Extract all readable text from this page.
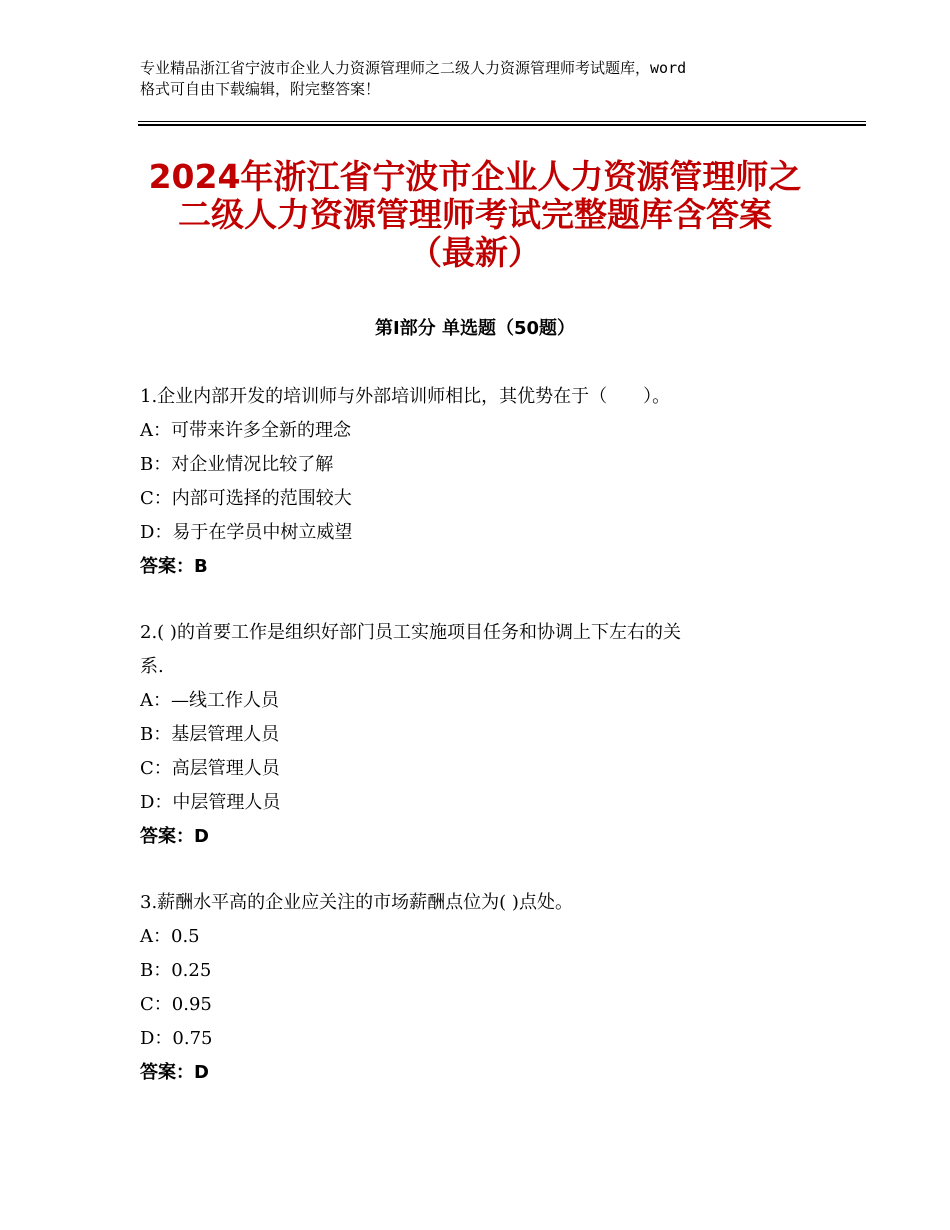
专业精品浙江省宁波市企业人力资源管理师之二级人力资源管理师考试题库，word
格式可自由下载编辑，附完整答案！
2024年浙江省宁波市企业人力资源管理师之
二级人力资源管理师考试完整题库含答案
（最新）
第Ⅰ部分 单选题（50题）
1.企业内部开发的培训师与外部培训师相比，其优势在于（　　）。
A：可带来许多全新的理念
B：对企业情况比较了解
C：内部可选择的范围较大
D：易于在学员中树立威望
答案：B
2.( )的首要工作是组织好部门员工实施项目任务和协调上下左右的关
系.
A：—线工作人员
B：基层管理人员
C：高层管理人员
D：中层管理人员
答案：D
3.薪酬水平高的企业应关注的市场薪酬点位为( )点处。
A：0.5
B：0.25
C：0.95
D：0.75
答案：D
